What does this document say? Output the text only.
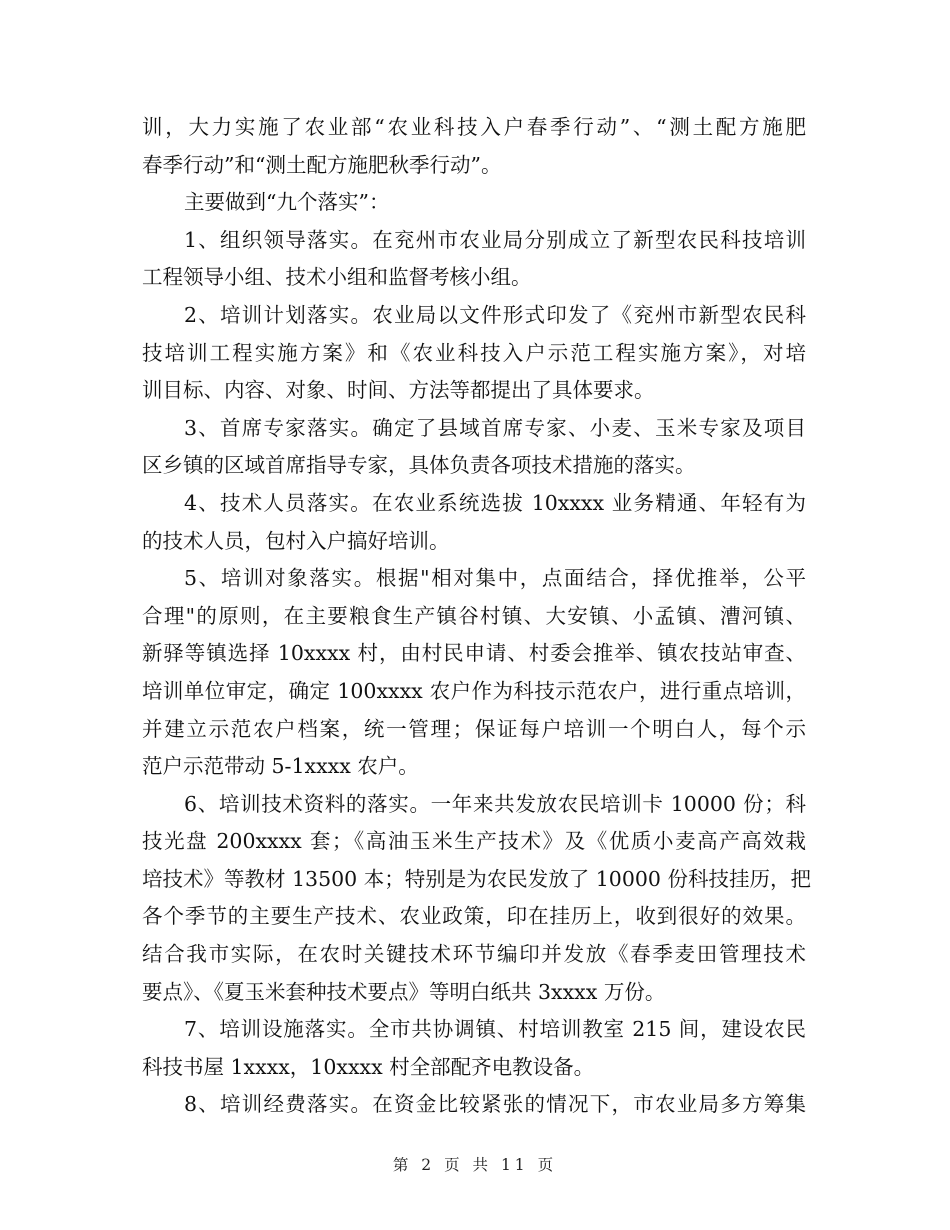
训，大力实施了农业部“农业科技入户春季行动”、“测土配方施肥
春季行动”和“测土配方施肥秋季行动”。
主要做到“九个落实”：
1、组织领导落实。在兖州市农业局分别成立了新型农民科技培训
工程领导小组、技术小组和监督考核小组。
2、培训计划落实。农业局以文件形式印发了《兖州市新型农民科
技培训工程实施方案》和《农业科技入户示范工程实施方案》，对培
训目标、内容、对象、时间、方法等都提出了具体要求。
3、首席专家落实。确定了县域首席专家、小麦、玉米专家及项目
区乡镇的区域首席指导专家，具体负责各项技术措施的落实。
4、技术人员落实。在农业系统选拔 10xxxx 业务精通、年轻有为
的技术人员，包村入户搞好培训。
5、培训对象落实。根据"相对集中，点面结合，择优推举，公平
合理"的原则，在主要粮食生产镇谷村镇、大安镇、小孟镇、漕河镇、
新驿等镇选择 10xxxx 村，由村民申请、村委会推举、镇农技站审查、
培训单位审定，确定 100xxxx 农户作为科技示范农户，进行重点培训，
并建立示范农户档案，统一管理；保证每户培训一个明白人，每个示
范户示范带动 5-1xxxx 农户。
6、培训技术资料的落实。一年来共发放农民培训卡 10000 份；科
技光盘 200xxxx 套；《高油玉米生产技术》及《优质小麦高产高效栽
培技术》等教材 13500 本；特别是为农民发放了 10000 份科技挂历，把
各个季节的主要生产技术、农业政策，印在挂历上，收到很好的效果。
结合我市实际，在农时关键技术环节编印并发放《春季麦田管理技术
要点》、《夏玉米套种技术要点》等明白纸共 3xxxx 万份。
7、培训设施落实。全市共协调镇、村培训教室 215 间，建设农民
科技书屋 1xxxx，10xxxx 村全部配齐电教设备。
8、培训经费落实。在资金比较紧张的情况下，市农业局多方筹集
第 2 页 共 11 页
